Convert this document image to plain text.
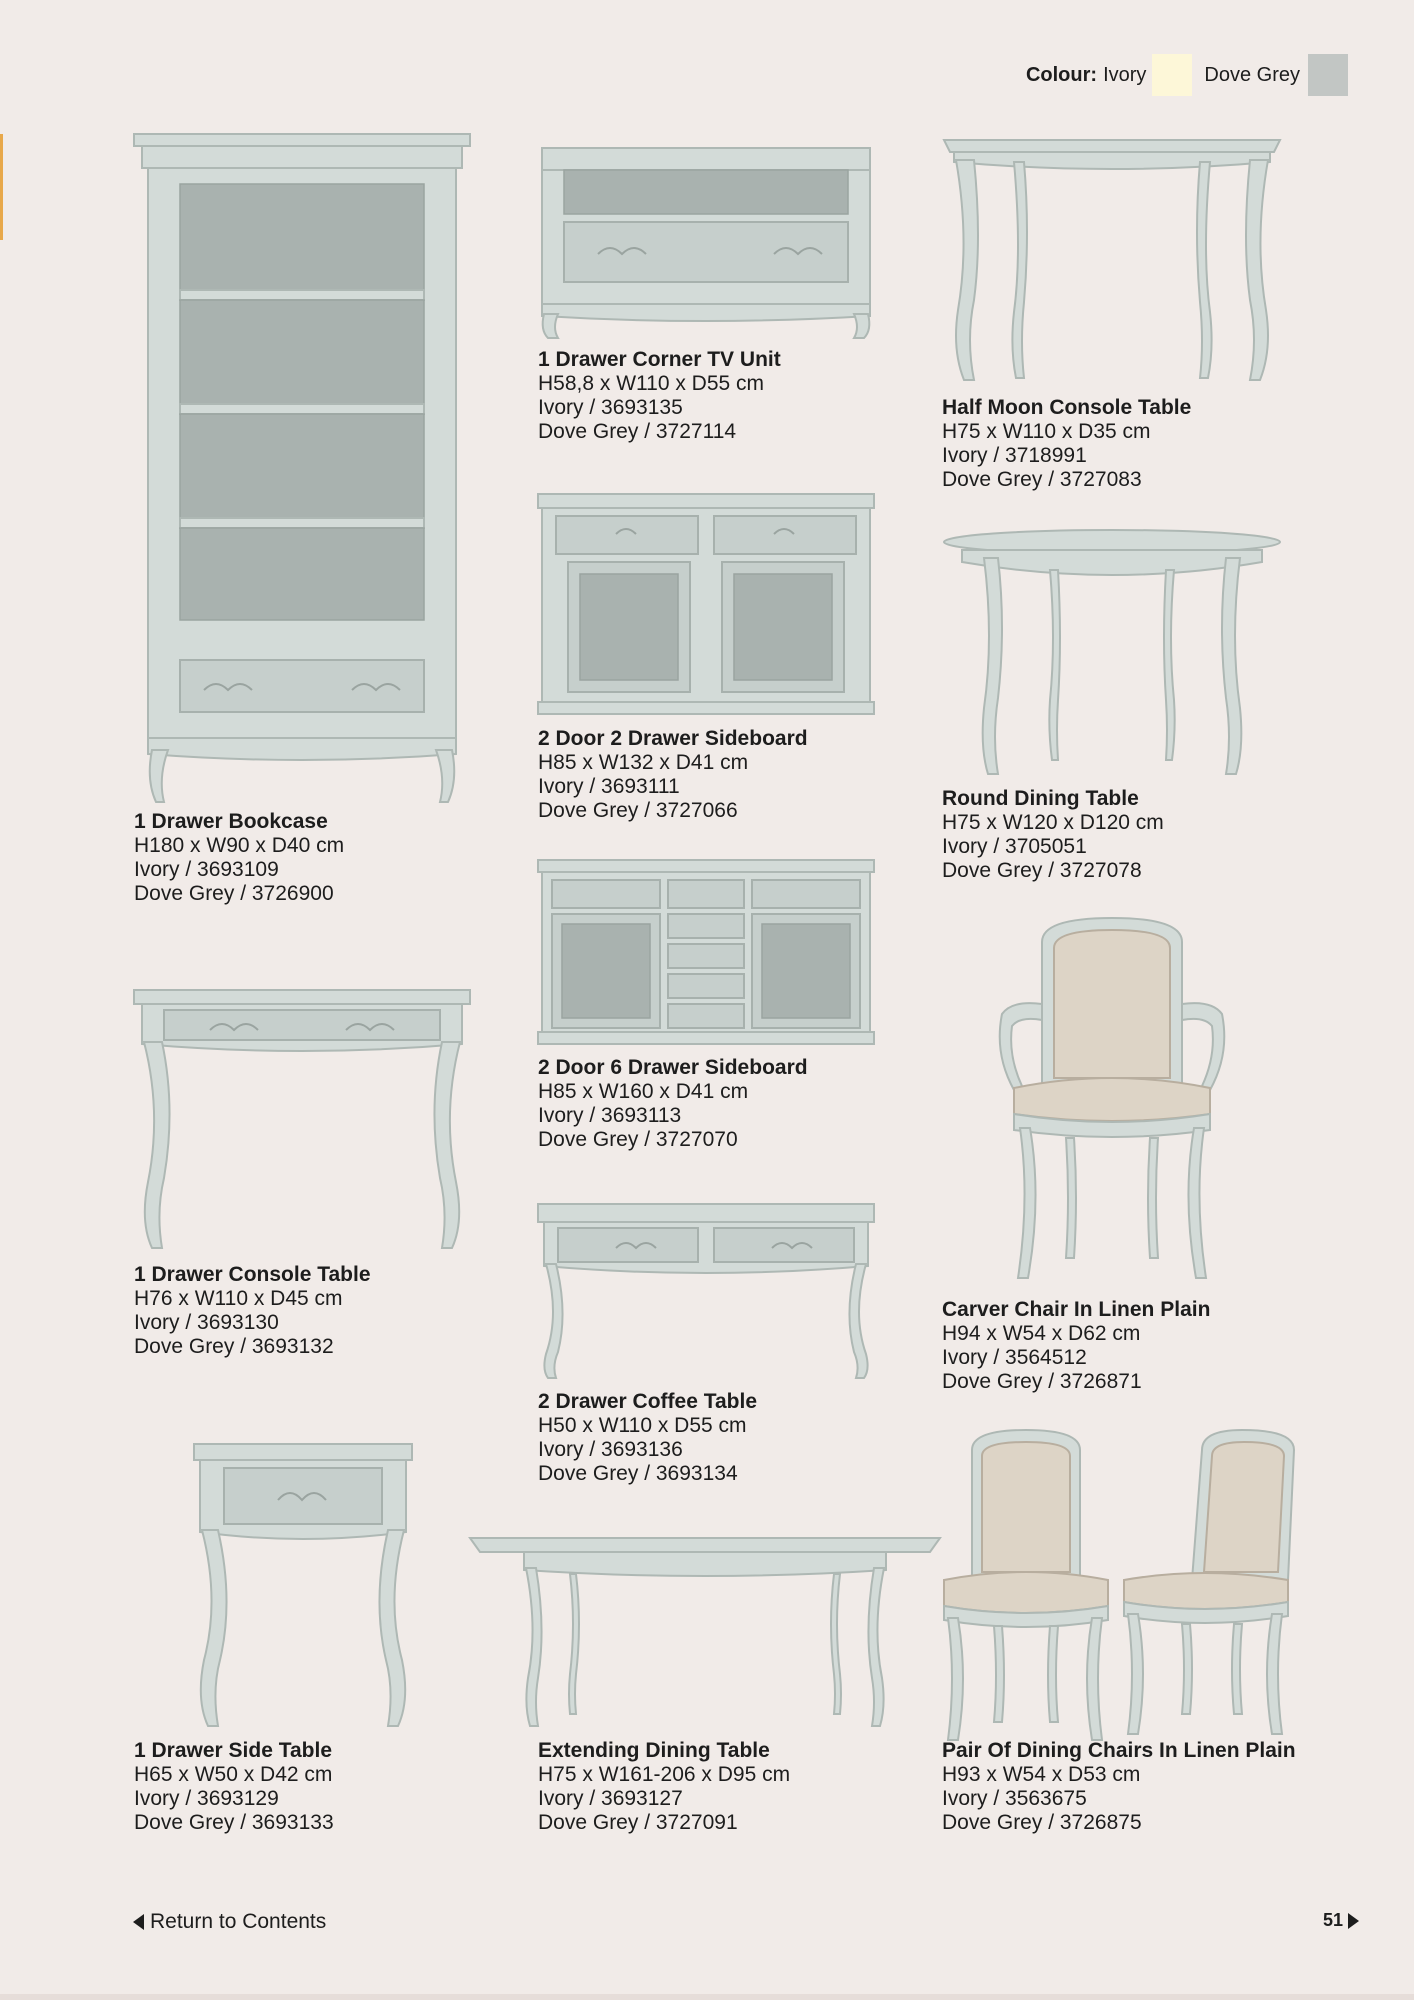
Colour: Ivory	Dove Grey
1 Drawer Bookcase
H180 x W90 x D40 cm
Ivory / 3693109
Dove Grey / 3726900
1 Drawer Corner TV Unit
H58,8 x W110 x D55 cm
Ivory / 3693135
Dove Grey / 3727114
Half Moon Console Table
H75 x W110 x D35 cm
Ivory / 3718991
Dove Grey / 3727083
2 Door 2 Drawer Sideboard
H85 x W132 x D41 cm
Ivory / 3693111
Dove Grey / 3727066
Round Dining Table
H75 x W120 x D120 cm
Ivory / 3705051
Dove Grey / 3727078
2 Door 6 Drawer Sideboard
H85 x W160 x D41 cm
Ivory / 3693113
Dove Grey / 3727070
1 Drawer Console Table
H76 x W110 x D45 cm
Ivory / 3693130
Dove Grey / 3693132
Carver Chair In Linen Plain
H94 x W54 x D62 cm
Ivory / 3564512
Dove Grey / 3726871
2 Drawer Coffee Table
H50 x W110 x D55 cm
Ivory / 3693136
Dove Grey / 3693134
1 Drawer Side Table
H65 x W50 x D42 cm
Ivory / 3693129
Dove Grey / 3693133
Extending Dining Table
H75 x W161-206 x D95 cm
Ivory / 3693127
Dove Grey / 3727091
Pair Of Dining Chairs In Linen Plain
H93 x W54 x D53 cm
Ivory / 3563675
Dove Grey / 3726875
Return to Contents	51
